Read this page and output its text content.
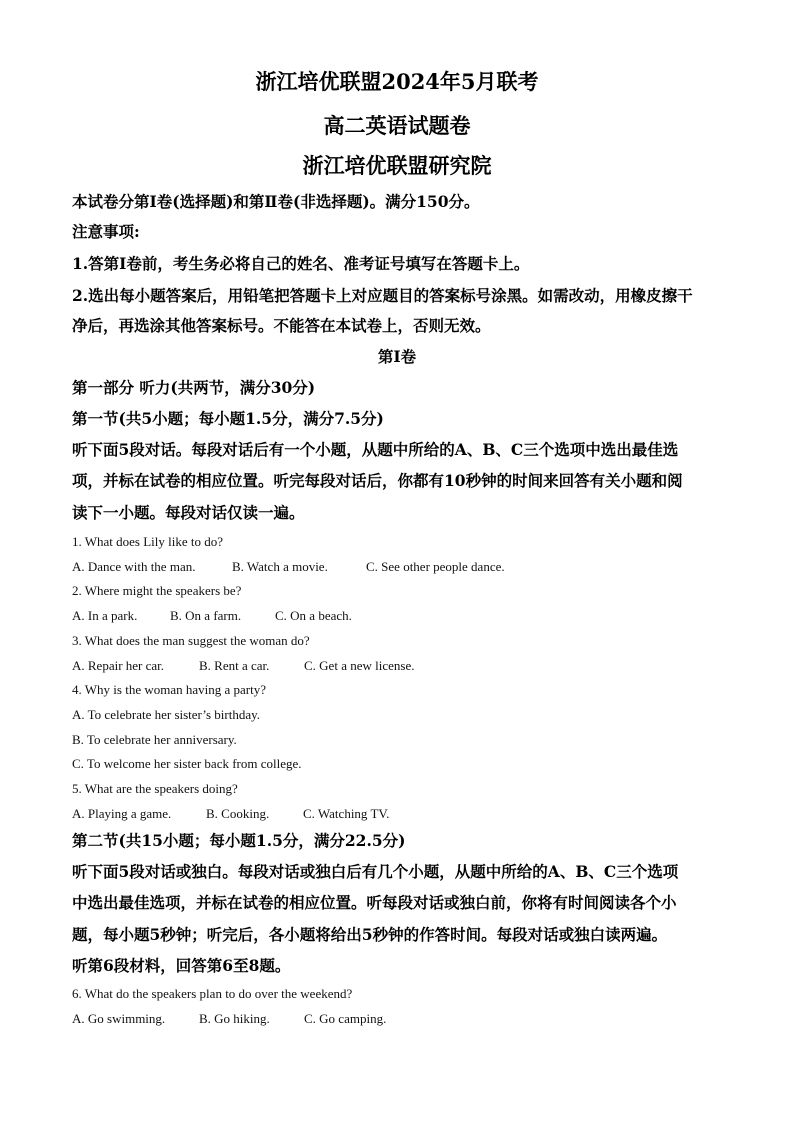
浙江培优联盟2024年5月联考
高二英语试题卷
浙江培优联盟研究院
本试卷分第Ⅰ卷(选择题)和第Ⅱ卷(非选择题)。满分150分。
注意事项:
1.答第Ⅰ卷前，考生务必将自己的姓名、准考证号填写在答题卡上。
2.选出每小题答案后，用铅笔把答题卡上对应题目的答案标号涂黑。如需改动，用橡皮擦干
净后，再选涂其他答案标号。不能答在本试卷上，否则无效。
第Ⅰ卷
第一部分 听力(共两节，满分30分)
第一节(共5小题；每小题1.5分，满分7.5分)
听下面5段对话。每段对话后有一个小题，从题中所给的A、B、C三个选项中选出最佳选
项，并标在试卷的相应位置。听完每段对话后，你都有10秒钟的时间来回答有关小题和阅
读下一小题。每段对话仅读一遍。
1. What does Lily like to do?
A. Dance with the man.	B. Watch a movie.	C. See other people dance.
2. Where might the speakers be?
A. In a park.	B. On a farm.	C. On a beach.
3. What does the man suggest the woman do?
A. Repair her car.	B. Rent a car.	C. Get a new license.
4. Why is the woman having a party?
A. To celebrate her sister’s birthday.
B. To celebrate her anniversary.
C. To welcome her sister back from college.
5. What are the speakers doing?
A. Playing a game.	B. Cooking.	C. Watching TV.
第二节(共15小题；每小题1.5分，满分22.5分)
听下面5段对话或独白。每段对话或独白后有几个小题，从题中所给的A、B、C三个选项
中选出最佳选项，并标在试卷的相应位置。听每段对话或独白前，你将有时间阅读各个小
题，每小题5秒钟；听完后，各小题将给出5秒钟的作答时间。每段对话或独白读两遍。
听第6段材料，回答第6至8题。
6. What do the speakers plan to do over the weekend?
A. Go swimming.	B. Go hiking.	C. Go camping.
